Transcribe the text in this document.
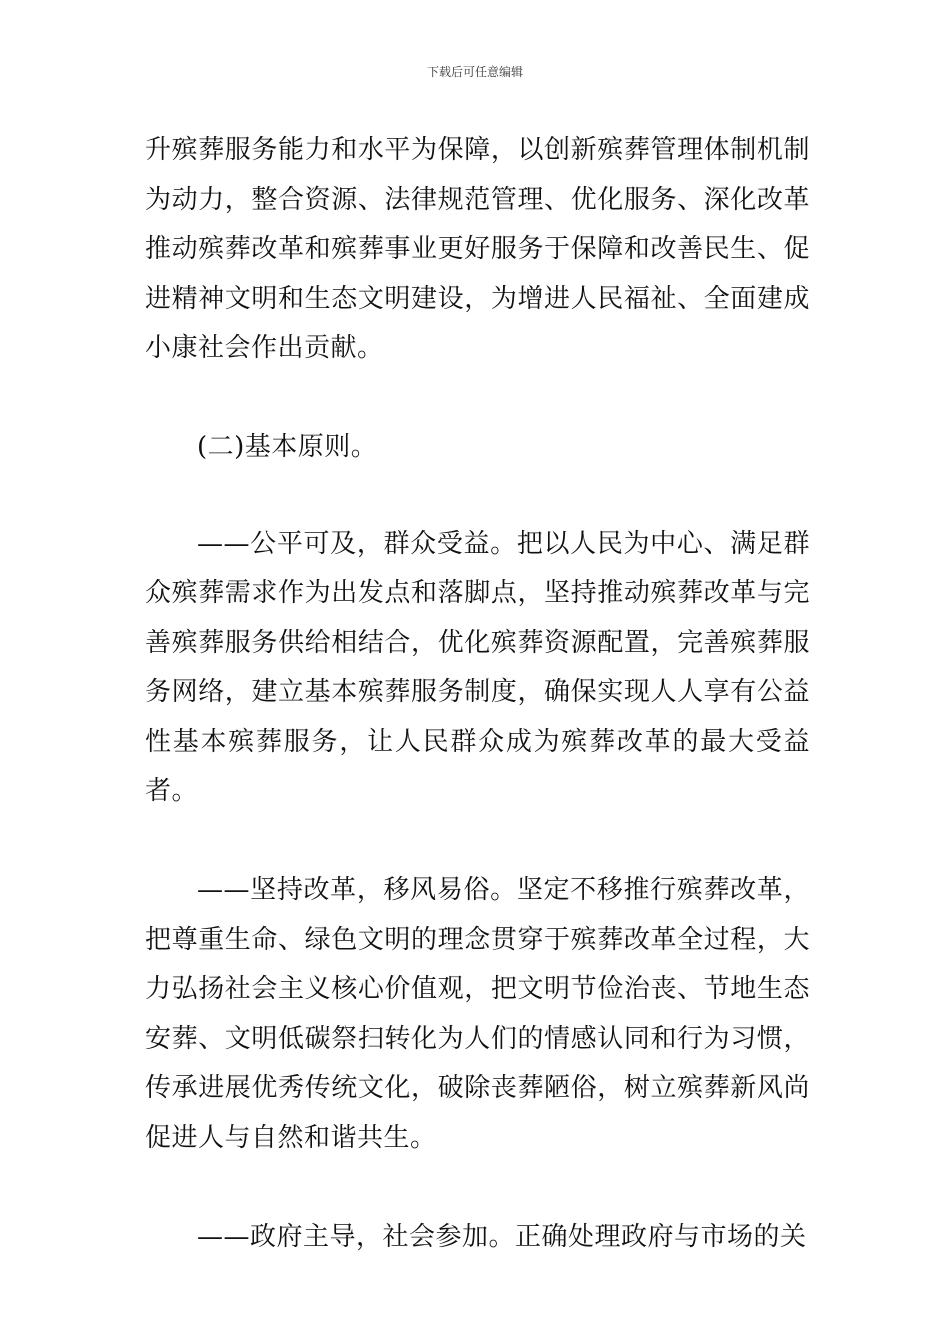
下载后可任意编辑

升殡葬服务能力和水平为保障，以创新殡葬管理体制机制为动力，整合资源、法律规范管理、优化服务、深化改革推动殡葬改革和殡葬事业更好服务于保障和改善民生、促进精神文明和生态文明建设，为增进人民福祉、全面建成小康社会作出贡献。

(二)基本原则。

——公平可及，群众受益。把以人民为中心、满足群众殡葬需求作为出发点和落脚点，坚持推动殡葬改革与完善殡葬服务供给相结合，优化殡葬资源配置，完善殡葬服务网络，建立基本殡葬服务制度，确保实现人人享有公益性基本殡葬服务，让人民群众成为殡葬改革的最大受益者。

——坚持改革，移风易俗。坚定不移推行殡葬改革，把尊重生命、绿色文明的理念贯穿于殡葬改革全过程，大力弘扬社会主义核心价值观，把文明节俭治丧、节地生态安葬、文明低碳祭扫转化为人们的情感认同和行为习惯，传承进展优秀传统文化，破除丧葬陋俗，树立殡葬新风尚促进人与自然和谐共生。

——政府主导，社会参加。正确处理政府与市场的关
